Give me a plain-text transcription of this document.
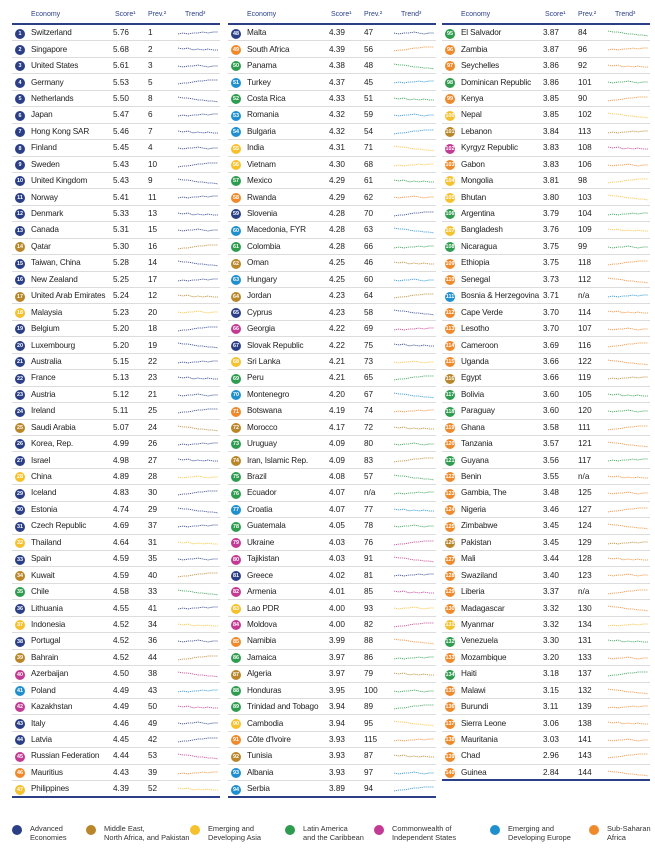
Economy	Score¹ Prev.²	Trend³
1	Switzerland	5.76	1
2	Singapore	5.68	2
3	United States	5.61	3
4	Germany	5.53	5
5	Netherlands	5.50	8
6	Japan	5.47	6
7	Hong Kong SAR	5.46	7
8	Finland	5.45	4
9	Sweden	5.43	10
10 United Kingdom	5.43	9
11 Norway	5.41	11
12 Denmark	5.33	13
13 Canada	5.31	15
14 Qatar	5.30	16
15 Taiwan, China	5.28	14
16 New Zealand	5.25	17
17 United Arab Emirates 5.24	12
18 Malaysia	5.23	20
19 Belgium	5.20	18
20 Luxembourg	5.20	19
21 Australia	5.15	22
22 France	5.13	23
23 Austria	5.12	21
24 Ireland	5.11	25
25 Saudi Arabia	5.07	24
26 Korea, Rep.	4.99	26
27 Israel	4.98	27
28 China	4.89	28
29 Iceland	4.83	30
30 Estonia	4.74	29
31 Czech Republic	4.69	37
32 Thailand	4.64	31
33 Spain	4.59	35
34 Kuwait	4.59	40
35 Chile	4.58	33
36 Lithuania	4.55	41
37 Indonesia	4.52	34
38 Portugal	4.52	36
39 Bahrain	4.52	44
40 Azerbaijan	4.50	38
41 Poland	4.49	43
42 Kazakhstan	4.49	50
43 Italy	4.46	49
44 Latvia	4.45	42
45 Russian Federation 4.44	53
46 Mauritius	4.43	39
47 Philippines	4.39	52
Economy	Score¹ Prev.²	Trend³
48 Malta	4.39	47
49 South Africa	4.39	56
50 Panama	4.38	48
51 Turkey	4.37	45
52 Costa Rica	4.33	51
53 Romania	4.32	59
54 Bulgaria	4.32	54
55 India	4.31	71
56 Vietnam	4.30	68
57 Mexico	4.29	61
58 Rwanda	4.29	62
59 Slovenia	4.28	70
60 Macedonia, FYR	4.28	63
61 Colombia	4.28	66
62 Oman	4.25	46
63 Hungary	4.25	60
64 Jordan	4.23	64
65 Cyprus	4.23	58
66 Georgia	4.22	69
67 Slovak Republic	4.22	75
68 Sri Lanka	4.21	73
69 Peru	4.21	65
70 Montenegro	4.20	67
71 Botswana	4.19	74
72 Morocco	4.17	72
73 Uruguay	4.09	80
74 Iran, Islamic Rep.	4.09	83
75 Brazil	4.08	57
76 Ecuador	4.07	n/a
77 Croatia	4.07	77
78 Guatemala	4.05	78
79 Ukraine	4.03	76
80 Tajikistan	4.03	91
81 Greece	4.02	81
82 Armenia	4.01	85
83 Lao PDR	4.00	93
84 Moldova	4.00	82
85 Namibia	3.99	88
86 Jamaica	3.97	86
87 Algeria	3.97	79
88 Honduras	3.95	100
89 Trinidad and Tobago 3.94	89
90 Cambodia	3.94	95
91 Côte d'Ivoire	3.93	115
92 Tunisia	3.93	87
93 Albania	3.93	97
94 Serbia	3.89	94
Economy	Score¹ Prev.²	Trend³
95 El Salvador	3.87	84
96 Zambia	3.87	96
97 Seychelles	3.86	92
98 Dominican Republic 3.86	101
99 Kenya	3.85	90
100 Nepal	3.85	102
101 Lebanon	3.84	113
102 Kyrgyz Republic	3.83	108
103 Gabon	3.83	106
104 Mongolia	3.81	98
105 Bhutan	3.80	103
106 Argentina	3.79	104
107 Bangladesh	3.76	109
108 Nicaragua	3.75	99
109 Ethiopia	3.75	118
110 Senegal	3.73	112
111 Bosnia & Herzegovina 3.71	n/a
112 Cape Verde	3.70	114
113 Lesotho	3.70	107
114 Cameroon	3.69	116
115 Uganda	3.66	122
116 Egypt	3.66	119
117 Bolivia	3.60	105
118 Paraguay	3.60	120
119 Ghana	3.58	111
120 Tanzania	3.57	121
121 Guyana	3.56	117
122 Benin	3.55	n/a
123 Gambia, The	3.48	125
124 Nigeria	3.46	127
125 Zimbabwe	3.45	124
126 Pakistan	3.45	129
127 Mali	3.44	128
128 Swaziland	3.40	123
129 Liberia	3.37	n/a
130 Madagascar	3.32	130
131 Myanmar	3.32	134
132 Venezuela	3.30	131
133 Mozambique	3.20	133
134 Haiti	3.18	137
135 Malawi	3.15	132
136 Burundi	3.11	139
137 Sierra Leone	3.06	138
138 Mauritania	3.03	141
139 Chad	2.96	143
140 Guinea	2.84	144
Advanced
Economies
Middle East,
North Africa, and Pakistan
Emerging and
Developing Asia
Latin America
and the Caribbean
Commonwealth of
Independent States
Emerging and
Developing Europe
Sub-Saharan
Africa
